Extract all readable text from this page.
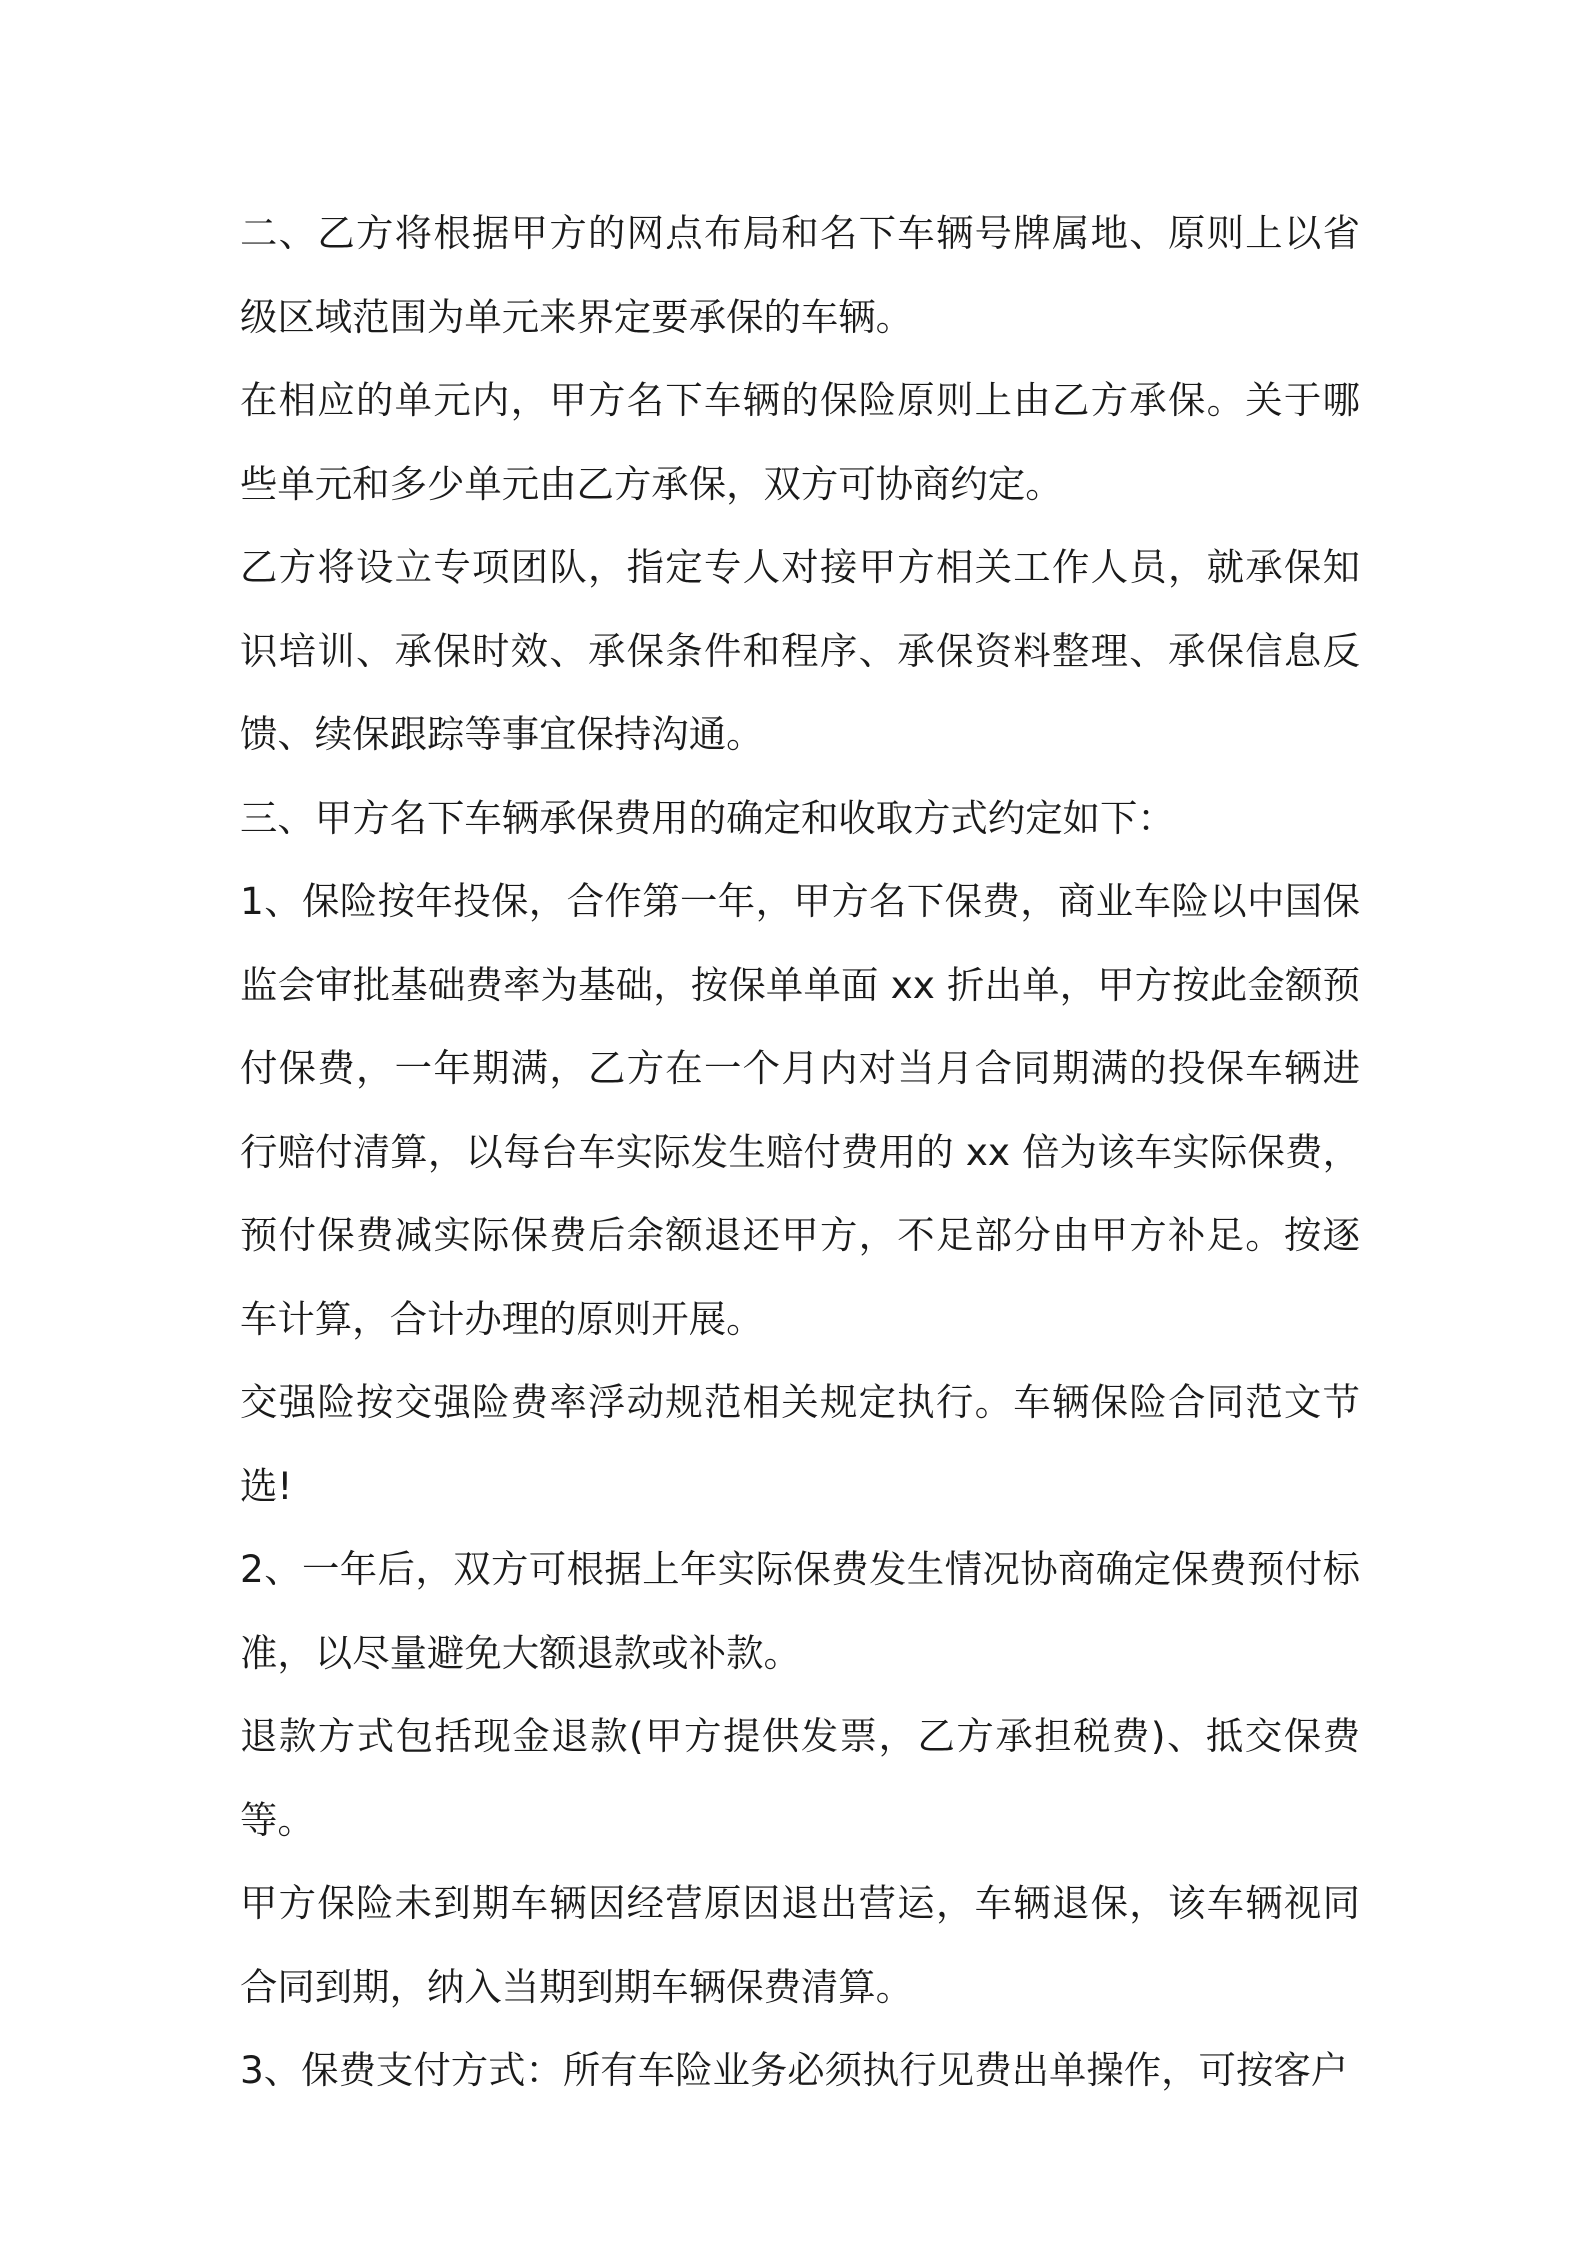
二、乙方将根据甲方的网点布局和名下车辆号牌属地、原则上以省级区域范围为单元来界定要承保的车辆。

在相应的单元内，甲方名下车辆的保险原则上由乙方承保。关于哪些单元和多少单元由乙方承保，双方可协商约定。

乙方将设立专项团队，指定专人对接甲方相关工作人员，就承保知识培训、承保时效、承保条件和程序、承保资料整理、承保信息反馈、续保跟踪等事宜保持沟通。

三、甲方名下车辆承保费用的确定和收取方式约定如下：

1、保险按年投保，合作第一年，甲方名下保费，商业车险以中国保监会审批基础费率为基础，按保单单面 xx 折出单，甲方按此金额预付保费，一年期满，乙方在一个月内对当月合同期满的投保车辆进行赔付清算，以每台车实际发生赔付费用的 xx 倍为该车实际保费，预付保费减实际保费后余额退还甲方，不足部分由甲方补足。按逐车计算，合计办理的原则开展。

交强险按交强险费率浮动规范相关规定执行。车辆保险合同范文节选!

2、一年后，双方可根据上年实际保费发生情况协商确定保费预付标准，以尽量避免大额退款或补款。

退款方式包括现金退款(甲方提供发票，乙方承担税费)、抵交保费等。

甲方保险未到期车辆因经营原因退出营运，车辆退保，该车辆视同合同到期，纳入当期到期车辆保费清算。

3、保费支付方式：所有车险业务必须执行见费出单操作，可按客户
